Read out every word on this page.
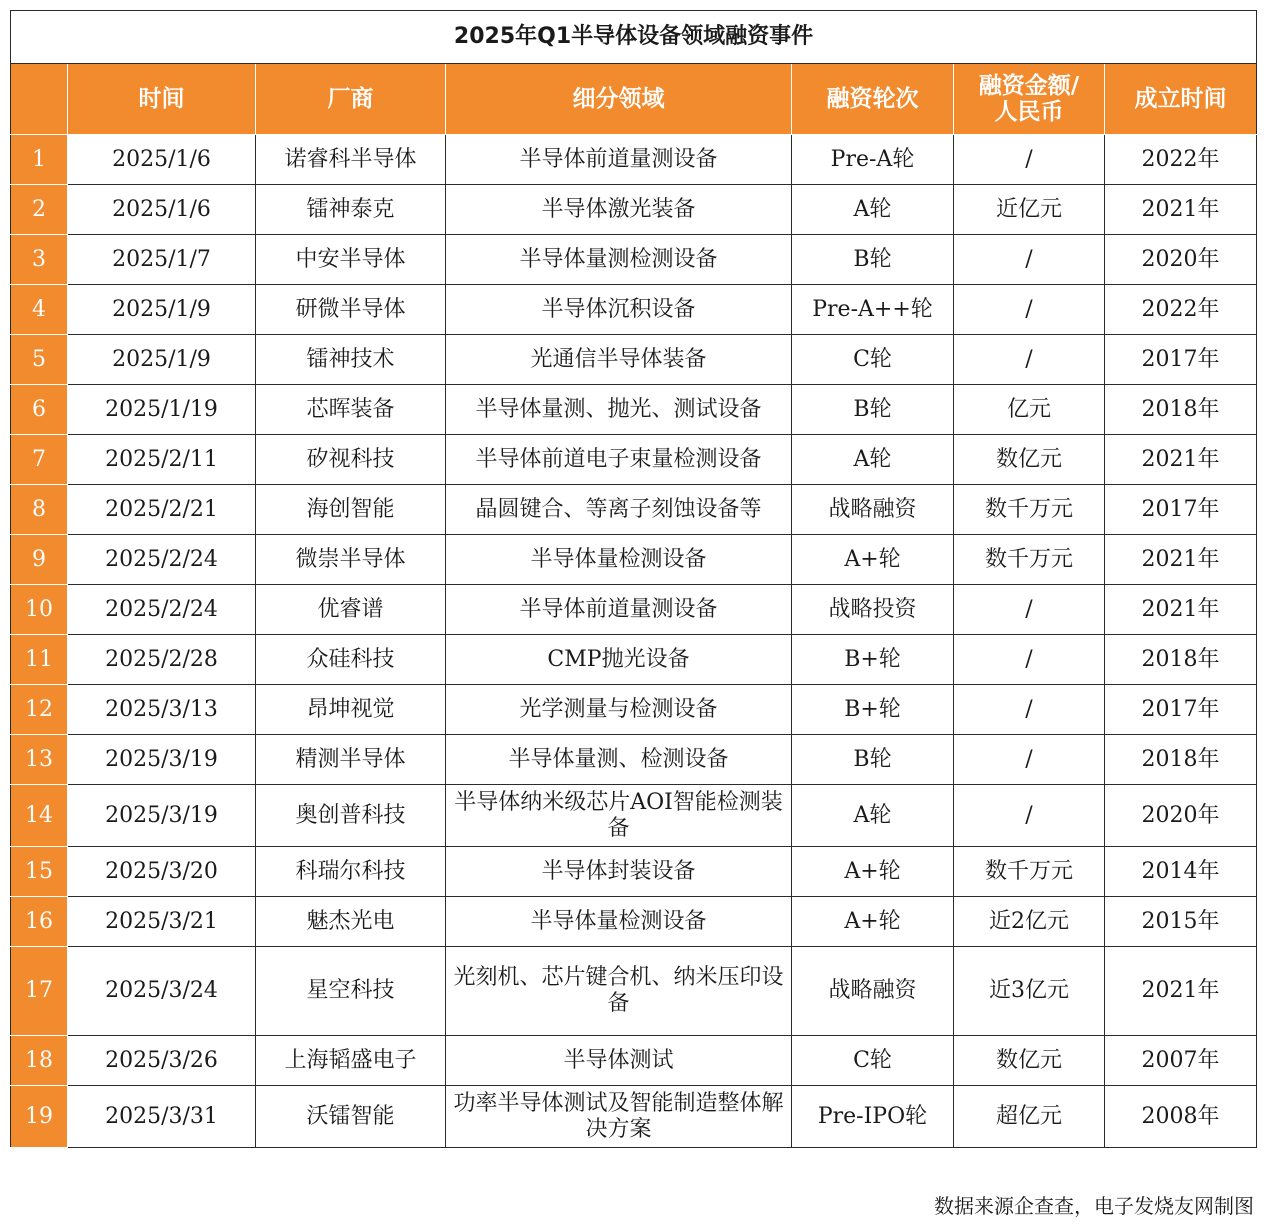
2025年Q1半导体设备领域融资事件						
	时间	厂商	细分领域	融资轮次	融资金额/人民币	成立时间
1	2025/1/6	诺睿科半导体	半导体前道量测设备	Pre-A轮	/	2022年
2	2025/1/6	镭神泰克	半导体激光装备	A轮	近亿元	2021年
3	2025/1/7	中安半导体	半导体量测检测设备	B轮	/	2020年
4	2025/1/9	研微半导体	半导体沉积设备	Pre-A++轮	/	2022年
5	2025/1/9	镭神技术	光通信半导体装备	C轮	/	2017年
6	2025/1/19	芯晖装备	半导体量测、抛光、测试设备	B轮	亿元	2018年
7	2025/2/11	矽视科技	半导体前道电子束量检测设备	A轮	数亿元	2021年
8	2025/2/21	海创智能	晶圆键合、等离子刻蚀设备等	战略融资	数千万元	2017年
9	2025/2/24	微崇半导体	半导体量检测设备	A+轮	数千万元	2021年
10	2025/2/24	优睿谱	半导体前道量测设备	战略投资	/	2021年
11	2025/2/28	众硅科技	CMP抛光设备	B+轮	/	2018年
12	2025/3/13	昂坤视觉	光学测量与检测设备	B+轮	/	2017年
13	2025/3/19	精测半导体	半导体量测、检测设备	B轮	/	2018年
14	2025/3/19	奥创普科技	半导体纳米级芯片AOI智能检测装备	A轮	/	2020年
15	2025/3/20	科瑞尔科技	半导体封装设备	A+轮	数千万元	2014年
16	2025/3/21	魅杰光电	半导体量检测设备	A+轮	近2亿元	2015年
17	2025/3/24	星空科技	光刻机、芯片键合机、纳米压印设备	战略融资	近3亿元	2021年
18	2025/3/26	上海韬盛电子	半导体测试	C轮	数亿元	2007年
19	2025/3/31	沃镭智能	功率半导体测试及智能制造整体解决方案	Pre-IPO轮	超亿元	2008年
数据来源企查查，电子发烧友网制图
